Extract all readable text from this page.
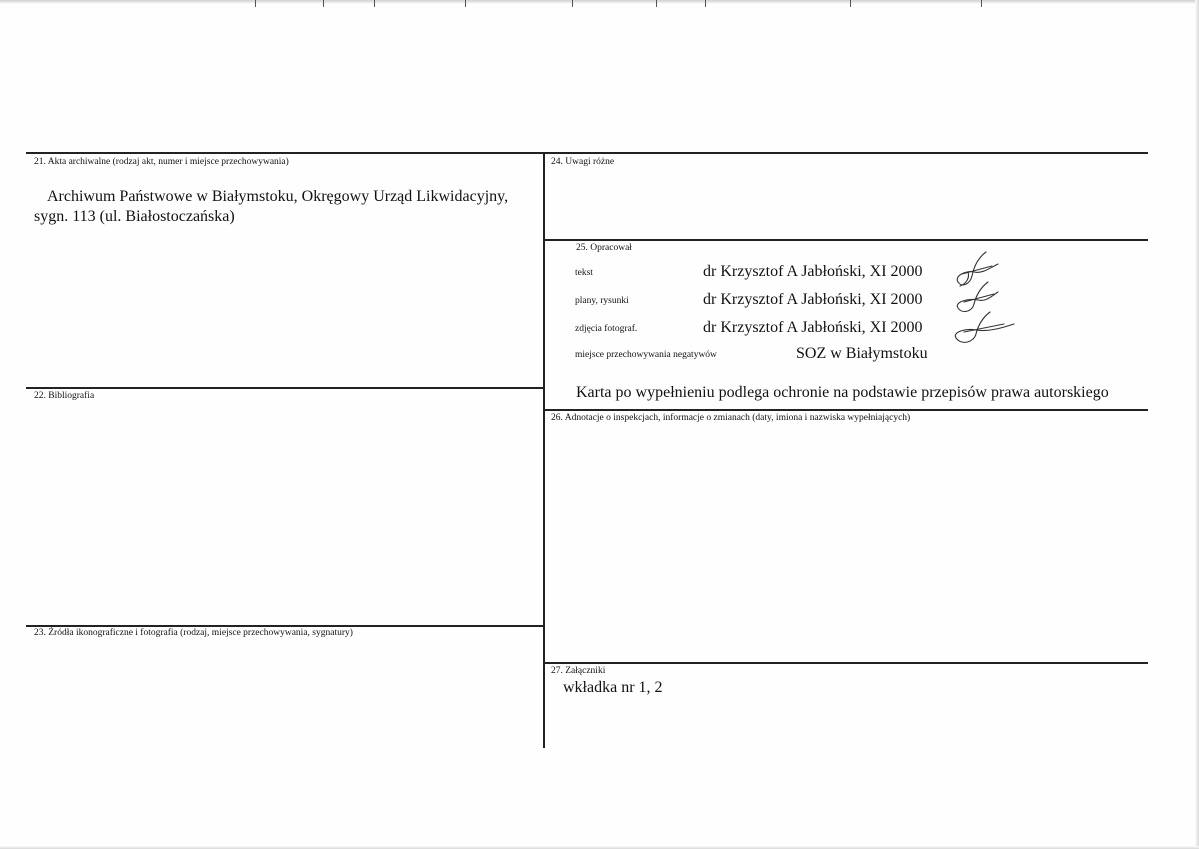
21. Akta archiwalne (rodzaj akt, numer i miejsce przechowywania)
Archiwum Państwowe w Białymstoku, Okręgowy Urząd Likwidacyjny,
sygn. 113 (ul. Białostoczańska)
22. Bibliografia
23. Źródła ikonograficzne i fotografia (rodzaj, miejsce przechowywania, sygnatury)
24. Uwagi różne
25. Opracował
tekst	dr Krzysztof A Jabłoński, XI 2000
plany, rysunki	dr Krzysztof A Jabłoński, XI 2000
zdjęcia fotograf.	dr Krzysztof A Jabłoński, XI 2000
miejsce przechowywania negatywów	SOZ w Białymstoku
Karta po wypełnieniu podlega ochronie na podstawie przepisów prawa autorskiego
26. Adnotacje o inspekcjach, informacje o zmianach (daty, imiona i nazwiska wypełniających)
27. Załączniki
wkładka nr 1, 2
